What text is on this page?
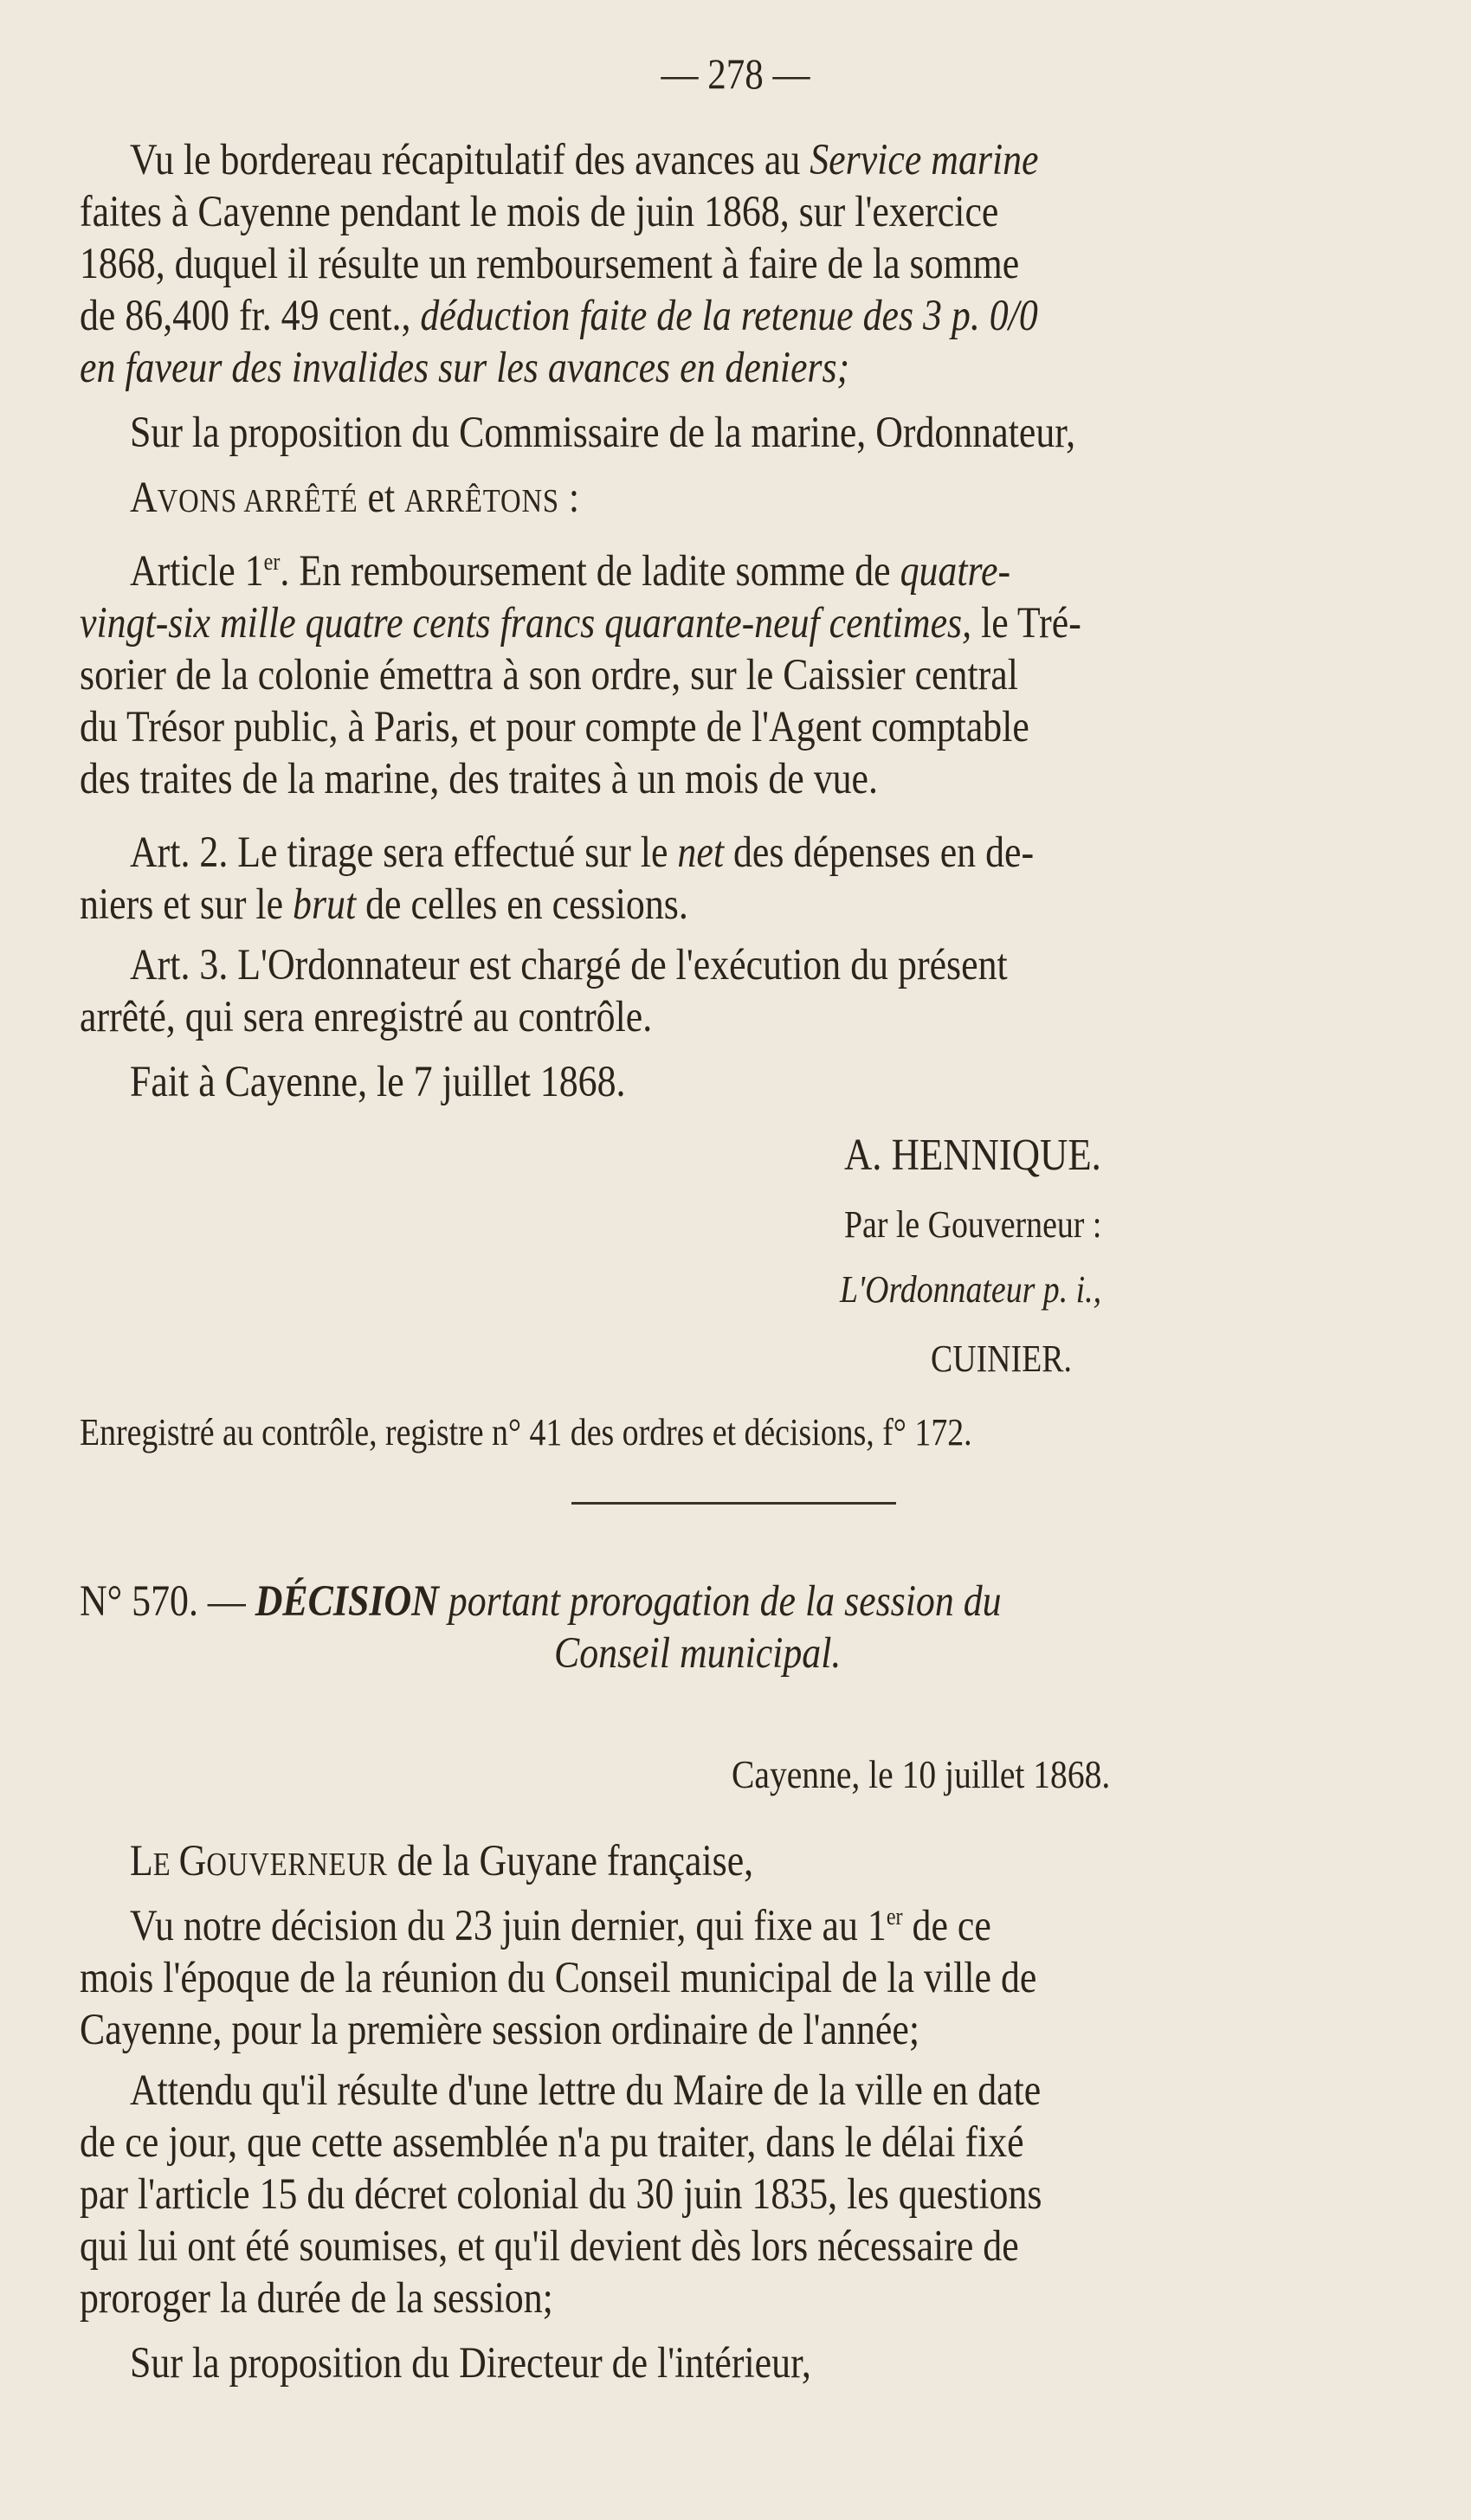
— 278 —
Vu le bordereau récapitulatif des avances au Service marine
faites à Cayenne pendant le mois de juin 1868, sur l'exercice
1868, duquel il résulte un remboursement à faire de la somme
de 86,400 fr. 49 cent., déduction faite de la retenue des 3 p. 0/0
en faveur des invalides sur les avances en deniers;
Sur la proposition du Commissaire de la marine, Ordonnateur,
AVONS ARRÊTÉ et ARRÊTONS :
Article 1er. En remboursement de ladite somme de quatre-
vingt-six mille quatre cents francs quarante-neuf centimes, le Tré-
sorier de la colonie émettra à son ordre, sur le Caissier central
du Trésor public, à Paris, et pour compte de l'Agent comptable
des traites de la marine, des traites à un mois de vue.
Art. 2. Le tirage sera effectué sur le net des dépenses en de-
niers et sur le brut de celles en cessions.
Art. 3. L'Ordonnateur est chargé de l'exécution du présent
arrêté, qui sera enregistré au contrôle.
Fait à Cayenne, le 7 juillet 1868.
A. HENNIQUE.
Par le Gouverneur :
L'Ordonnateur p. i.,
CUINIER.
Enregistré au contrôle, registre n° 41 des ordres et décisions, f° 172.
N° 570. — DÉCISION portant prorogation de la session du
Conseil municipal.
Cayenne, le 10 juillet 1868.
LE GOUVERNEUR de la Guyane française,
Vu notre décision du 23 juin dernier, qui fixe au 1er de ce
mois l'époque de la réunion du Conseil municipal de la ville de
Cayenne, pour la première session ordinaire de l'année;
Attendu qu'il résulte d'une lettre du Maire de la ville en date
de ce jour, que cette assemblée n'a pu traiter, dans le délai fixé
par l'article 15 du décret colonial du 30 juin 1835, les questions
qui lui ont été soumises, et qu'il devient dès lors nécessaire de
proroger la durée de la session;
Sur la proposition du Directeur de l'intérieur,
